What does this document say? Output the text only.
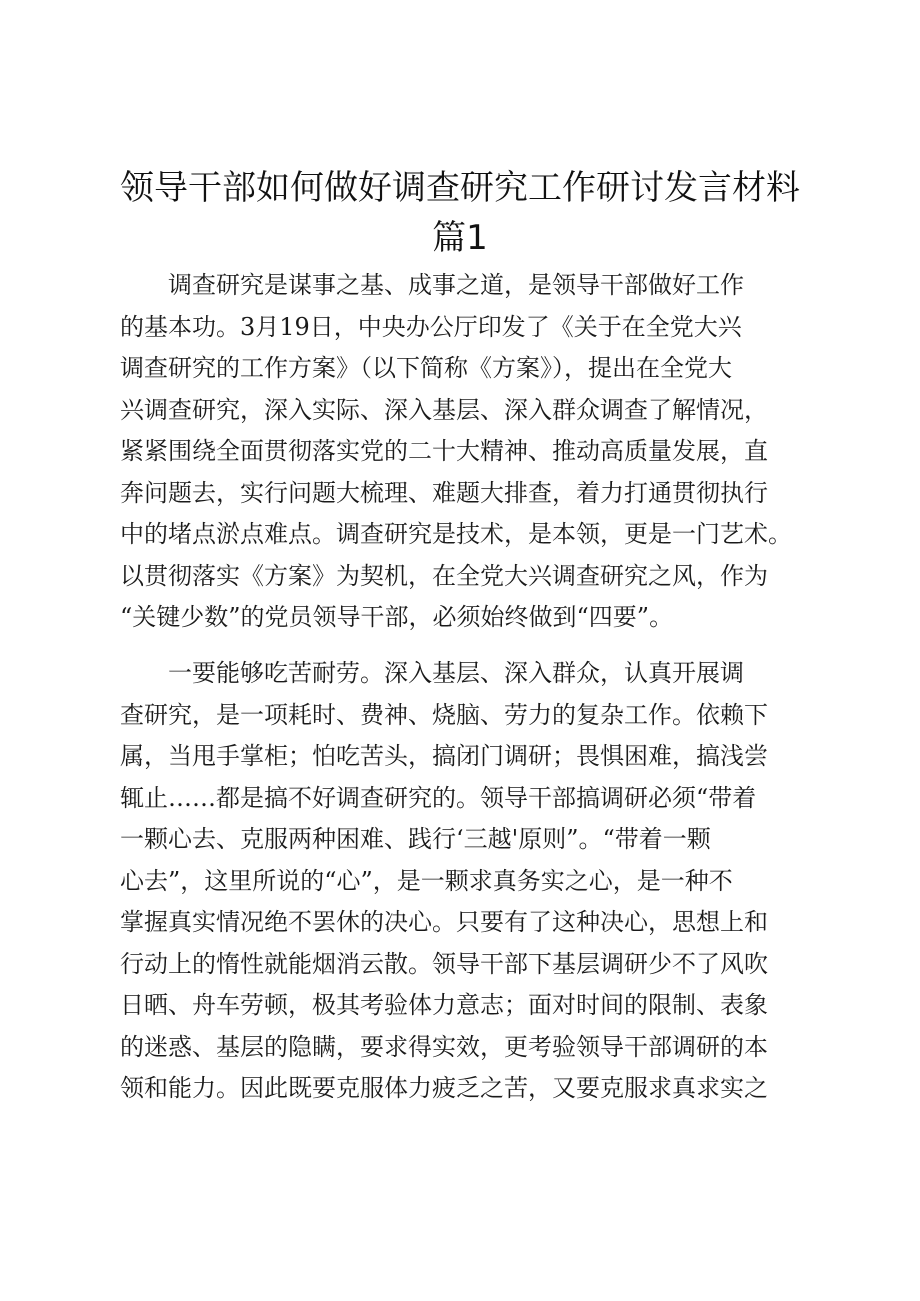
领导干部如何做好调查研究工作研讨发言材料
篇1
调查研究是谋事之基、成事之道，是领导干部做好工作
的基本功。3月19日，中央办公厅印发了《关于在全党大兴
调查研究的工作方案》（以下简称《方案》），提出在全党大
兴调查研究，深入实际、深入基层、深入群众调查了解情况，
紧紧围绕全面贯彻落实党的二十大精神、推动高质量发展，直
奔问题去，实行问题大梳理、难题大排查，着力打通贯彻执行
中的堵点淤点难点。调查研究是技术，是本领，更是一门艺术。
以贯彻落实《方案》为契机，在全党大兴调查研究之风，作为
“关键少数”的党员领导干部，必须始终做到“四要”。
一要能够吃苦耐劳。深入基层、深入群众，认真开展调
查研究，是一项耗时、费神、烧脑、劳力的复杂工作。依赖下
属，当甩手掌柜；怕吃苦头，搞闭门调研；畏惧困难，搞浅尝
辄止……都是搞不好调查研究的。领导干部搞调研必须“带着
一颗心去、克服两种困难、践行‘三越'原则”。“带着一颗
心去”，这里所说的“心”，是一颗求真务实之心，是一种不
掌握真实情况绝不罢休的决心。只要有了这种决心，思想上和
行动上的惰性就能烟消云散。领导干部下基层调研少不了风吹
日晒、舟车劳顿，极其考验体力意志；面对时间的限制、表象
的迷惑、基层的隐瞒，要求得实效，更考验领导干部调研的本
领和能力。因此既要克服体力疲乏之苦，又要克服求真求实之
